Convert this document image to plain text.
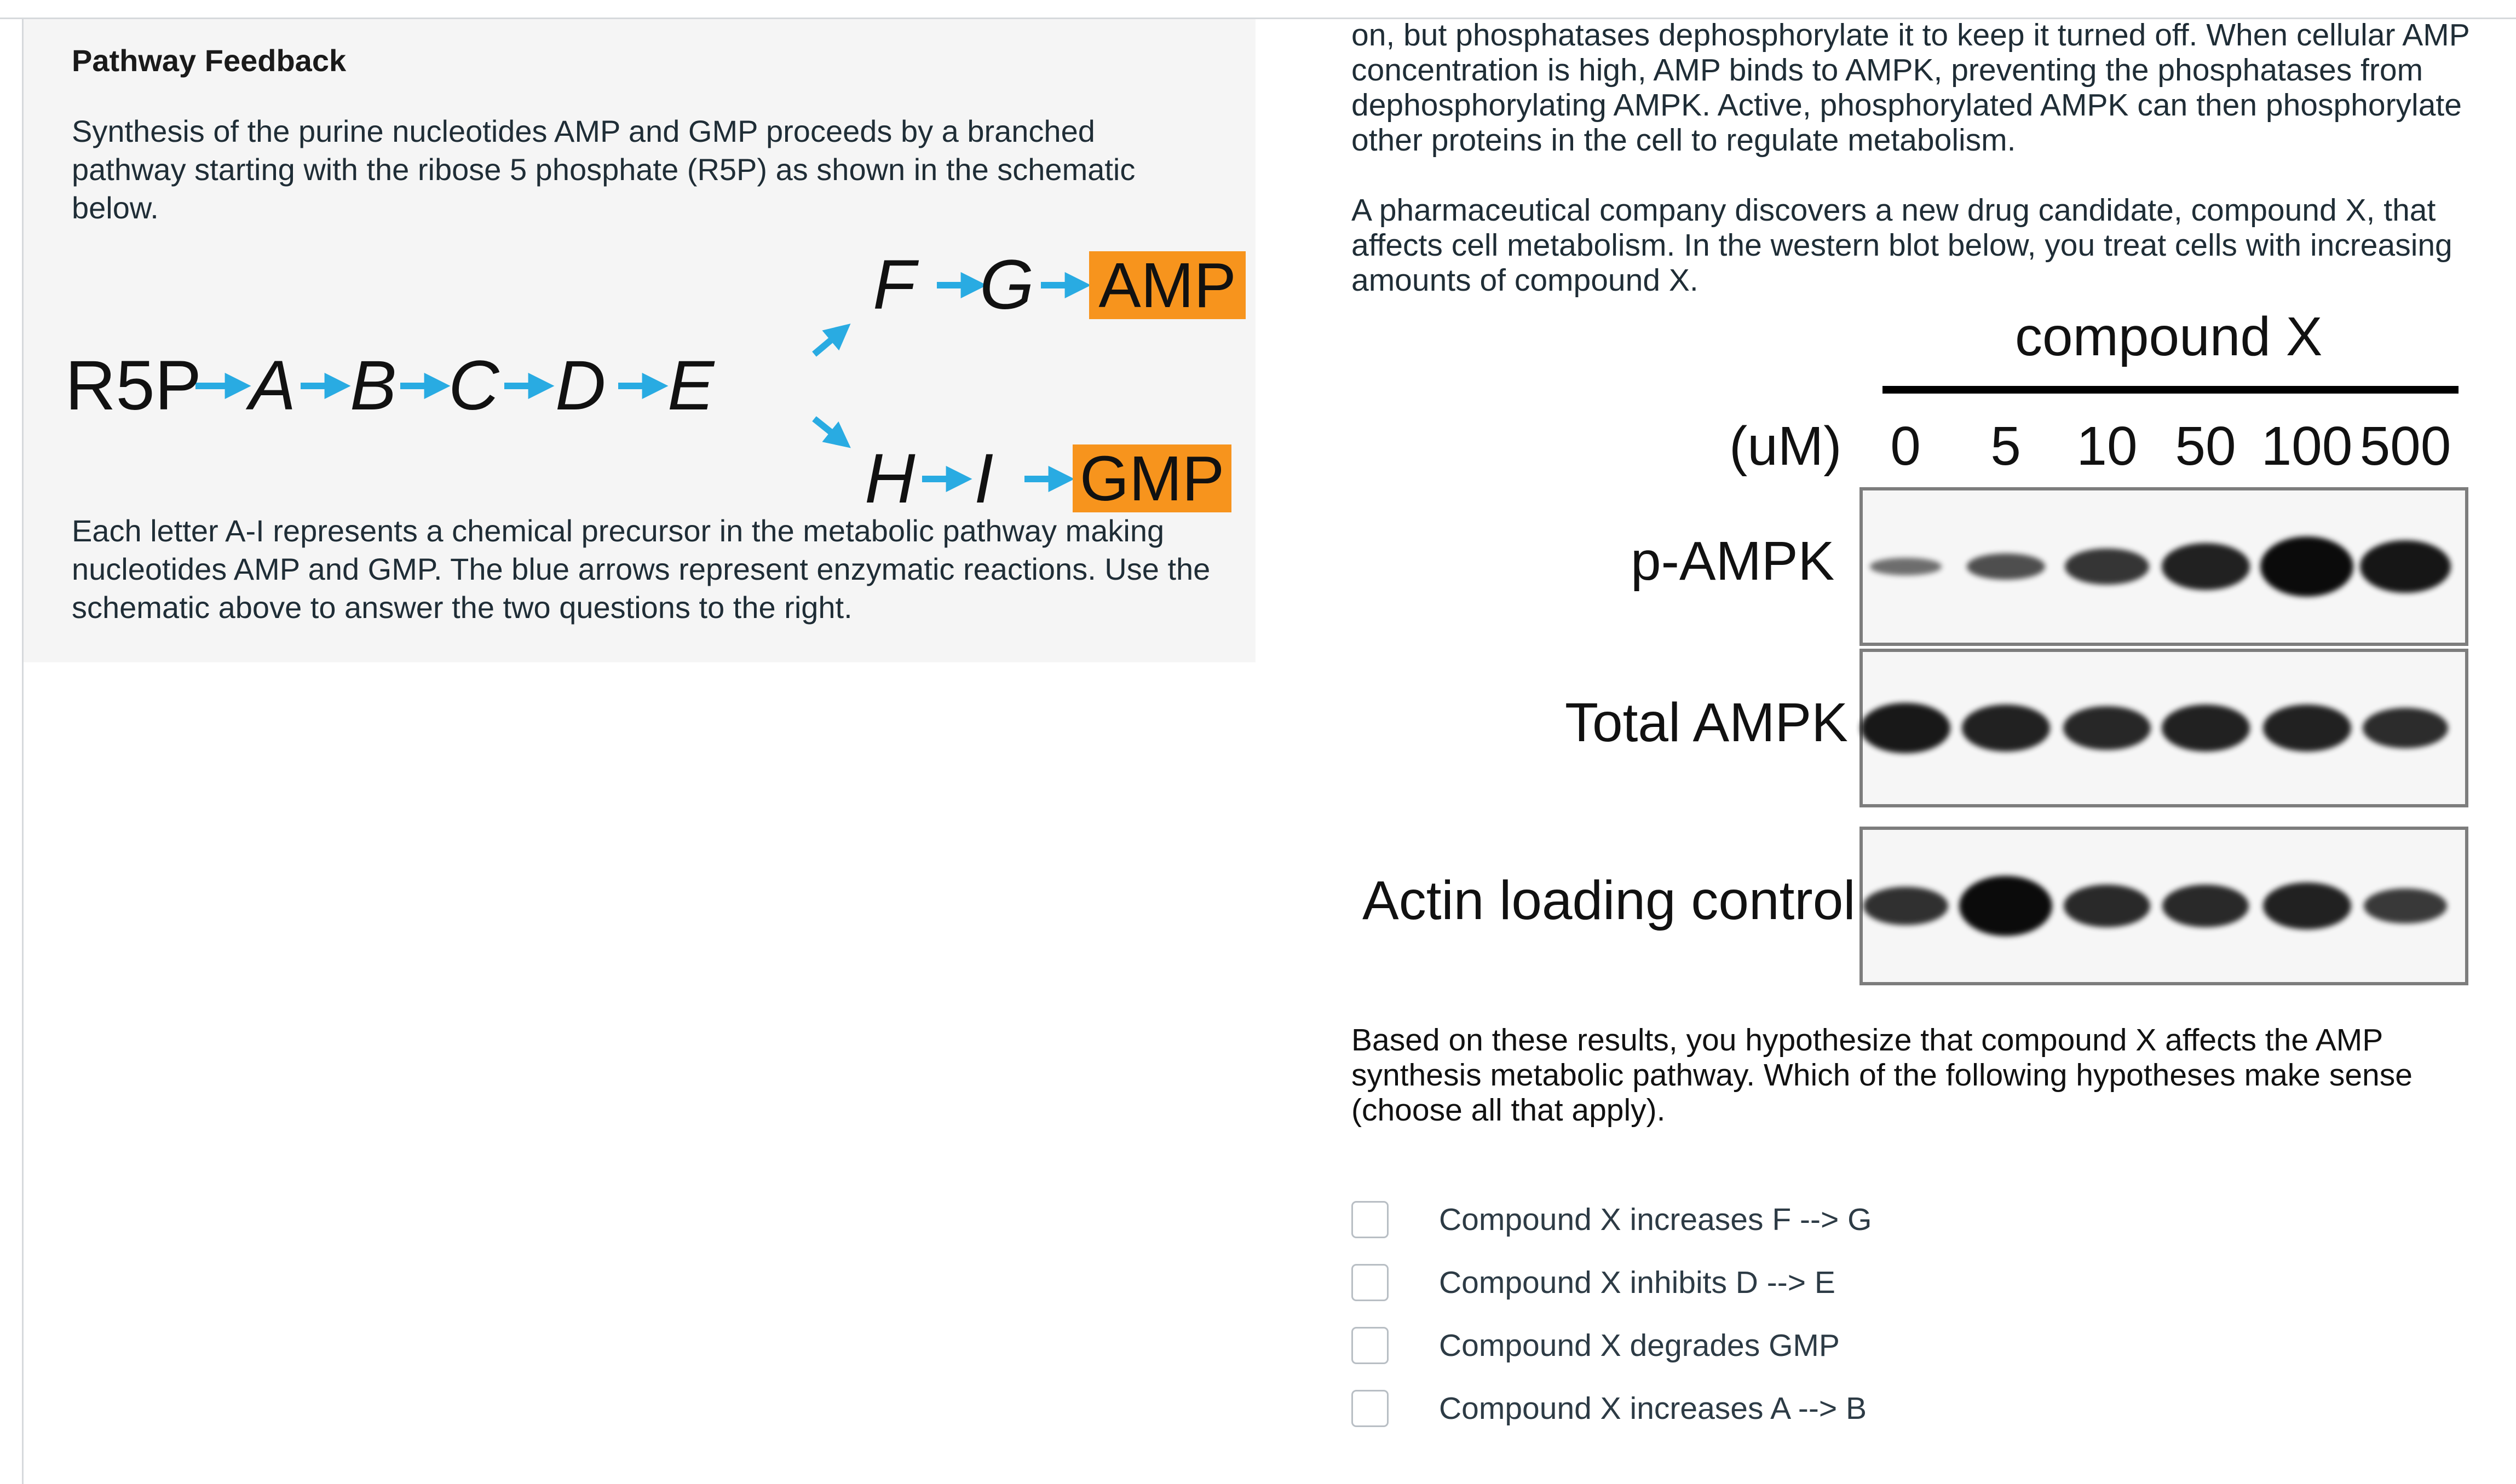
Pathway Feedback

Synthesis of the purine nucleotides AMP and GMP proceeds by a branched pathway starting with the ribose 5 phosphate (R5P) as shown in the schematic below.

R5P A B C D E
F G AMP
H I GMP

Each letter A-I represents a chemical precursor in the metabolic pathway making nucleotides AMP and GMP. The blue arrows represent enzymatic reactions. Use the schematic above to answer the two questions to the right.

on, but phosphatases dephosphorylate it to keep it turned off. When cellular AMP concentration is high, AMP binds to AMPK, preventing the phosphatases from dephosphorylating AMPK. Active, phosphorylated AMPK can then phosphorylate other proteins in the cell to regulate metabolism.

A pharmaceutical company discovers a new drug candidate, compound X, that affects cell metabolism. In the western blot below, you treat cells with increasing amounts of compound X.

compound X
(uM) 0	5	10 50 100 500
p-AMPK
Total AMPK
Actin loading control

Based on these results, you hypothesize that compound X affects the AMP synthesis metabolic pathway. Which of the following hypotheses make sense (choose all that apply).

Compound X increases F --> G
Compound X inhibits D --> E
Compound X degrades GMP
Compound X increases A --> B
